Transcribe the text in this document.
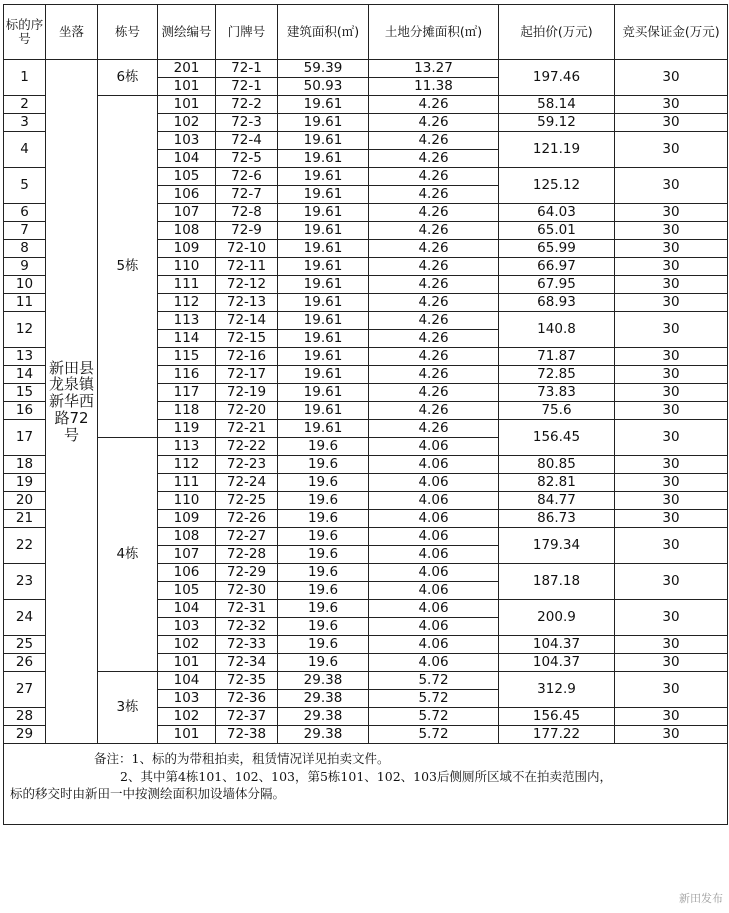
标的序号	坐落	栋号	测绘编号	门牌号	建筑面积(㎡)	土地分摊面积(㎡)	起拍价(万元)	竞买保证金(万元)
1	新田县龙泉镇新华西路72号	6栋	201	72-1	59.39	13.27	197.46	30
			101	72-1	50.93	11.38		
2		5栋	101	72-2	19.61	4.26	58.14	30
3			102	72-3	19.61	4.26	59.12	30
4			103	72-4	19.61	4.26	121.19	30
			104	72-5	19.61	4.26		
5			105	72-6	19.61	4.26	125.12	30
			106	72-7	19.61	4.26		
6			107	72-8	19.61	4.26	64.03	30
7			108	72-9	19.61	4.26	65.01	30
8			109	72-10	19.61	4.26	65.99	30
9			110	72-11	19.61	4.26	66.97	30
10			111	72-12	19.61	4.26	67.95	30
11			112	72-13	19.61	4.26	68.93	30
12			113	72-14	19.61	4.26	140.8	30
			114	72-15	19.61	4.26		
13			115	72-16	19.61	4.26	71.87	30
14			116	72-17	19.61	4.26	72.85	30
15			117	72-19	19.61	4.26	73.83	30
16			118	72-20	19.61	4.26	75.6	30
17			119	72-21	19.61	4.26	156.45	30
		4栋	113	72-22	19.6	4.06		
18			112	72-23	19.6	4.06	80.85	30
19			111	72-24	19.6	4.06	82.81	30
20			110	72-25	19.6	4.06	84.77	30
21			109	72-26	19.6	4.06	86.73	30
22			108	72-27	19.6	4.06	179.34	30
			107	72-28	19.6	4.06		
23			106	72-29	19.6	4.06	187.18	30
			105	72-30	19.6	4.06		
24			104	72-31	19.6	4.06	200.9	30
			103	72-32	19.6	4.06		
25			102	72-33	19.6	4.06	104.37	30
26			101	72-34	19.6	4.06	104.37	30
27		3栋	104	72-35	29.38	5.72	312.9	30
			103	72-36	29.38	5.72		
28			102	72-37	29.38	5.72	156.45	30
29			101	72-38	29.38	5.72	177.22	30

备注：1、标的为带租拍卖，租赁情况详见拍卖文件。
2、其中第4栋101、102、103，第5栋101、102、103后侧厕所区域不在拍卖范围内，
标的移交时由新田一中按测绘面积加设墙体分隔。								
新田发布
